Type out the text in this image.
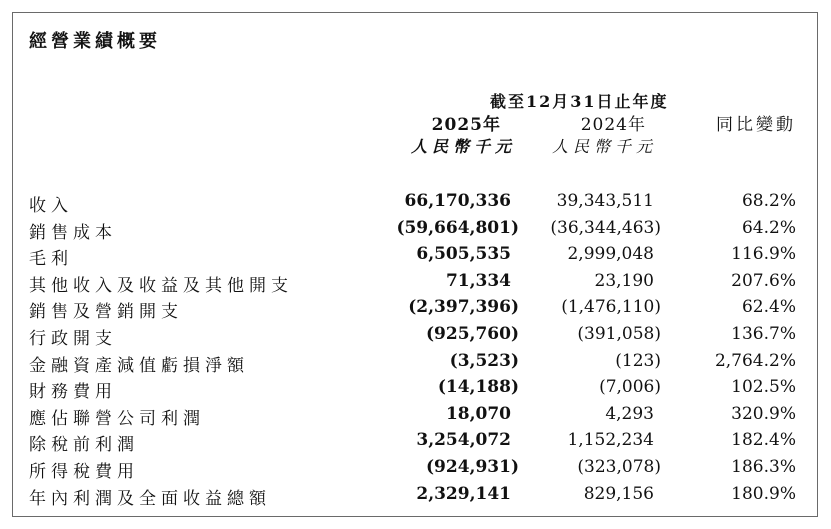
經營業績概要
截至12月31日止年度
2025年	2024年	同比變動
人民幣千元 人民幣千元
收入	66,170,336	39,343,511	68.2%
銷售成本	(59,664,801) (36,344,463)	64.2%
毛利	6,505,535	2,999,048	116.9%
其他收入及收益及其他開支	71,334	23,190	207.6%
銷售及營銷開支	(2,397,396) (1,476,110)	62.4%
行政開支	(925,760)	(391,058)	136.7%
金融資產減值虧損淨額	(3,523)	(123)	2,764.2%
財務費用	(14,188)	(7,006)	102.5%
應佔聯營公司利潤	18,070	4,293	320.9%
除稅前利潤	3,254,072	1,152,234	182.4%
所得稅費用	(924,931)	(323,078)	186.3%
年內利潤及全面收益總額	2,329,141	829,156	180.9%
